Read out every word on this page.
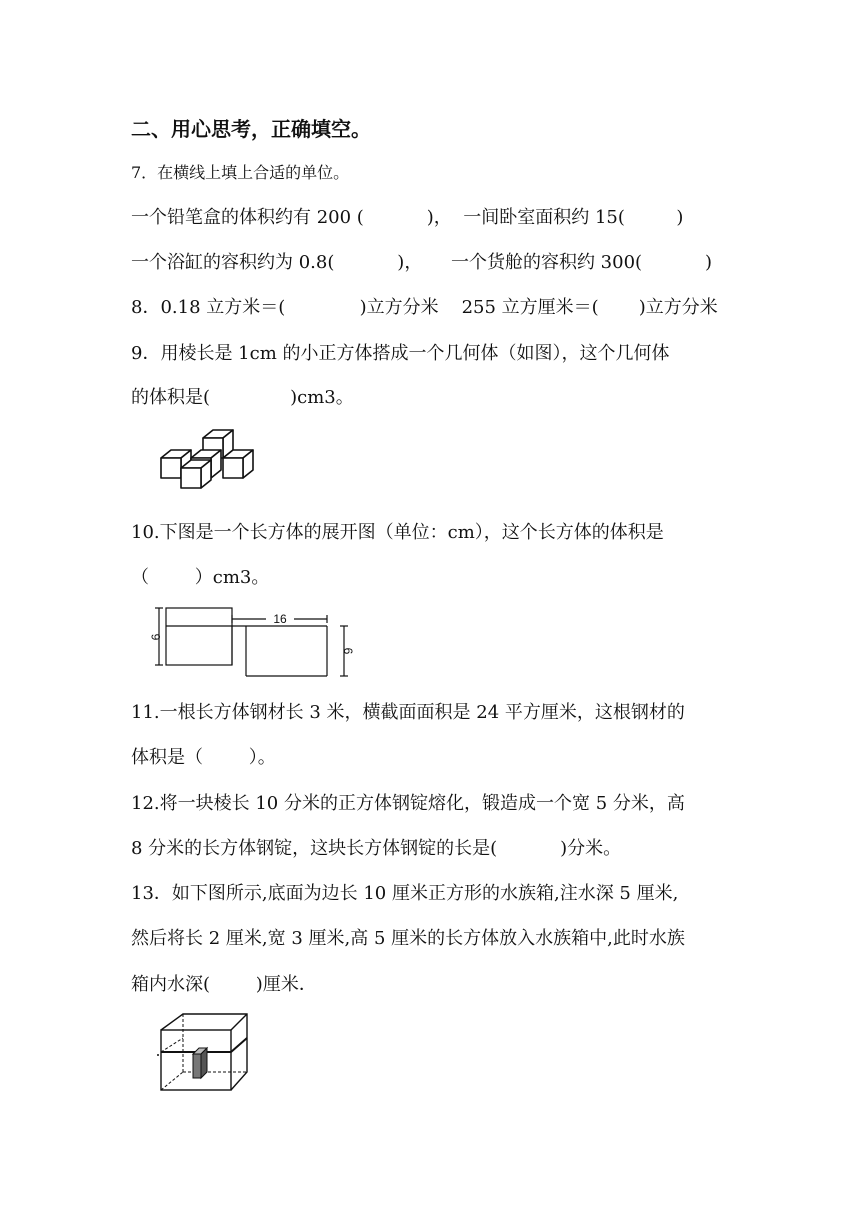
二、用心思考，正确填空。
7．在横线上填上合适的单位。
一个铅笔盒的体积约有 200 (           )，  一间卧室面积约 15(         )
一个浴缸的容积约为 0.8(           )，     一个货舱的容积约 300(           )
8．0.18 立方米＝(             )立方分米    255 立方厘米＝(       )立方分米
9．用棱长是 1cm 的小正方体搭成一个几何体（如图），这个几何体
的体积是(              )cm3。
10.下图是一个长方体的展开图（单位：cm），这个长方体的体积是
（        ）cm3。
16
6
6
11.一根长方体钢材长 3 米，横截面面积是 24 平方厘米，这根钢材的
体积是（        ）。
12.将一块棱长 10 分米的正方体钢锭熔化，锻造成一个宽 5 分米，高
8 分米的长方体钢锭，这块长方体钢锭的长是(           )分米。
13．如下图所示,底面为边长 10 厘米正方形的水族箱,注水深 5 厘米,
然后将长 2 厘米,宽 3 厘米,高 5 厘米的长方体放入水族箱中,此时水族
箱内水深(        )厘米．
